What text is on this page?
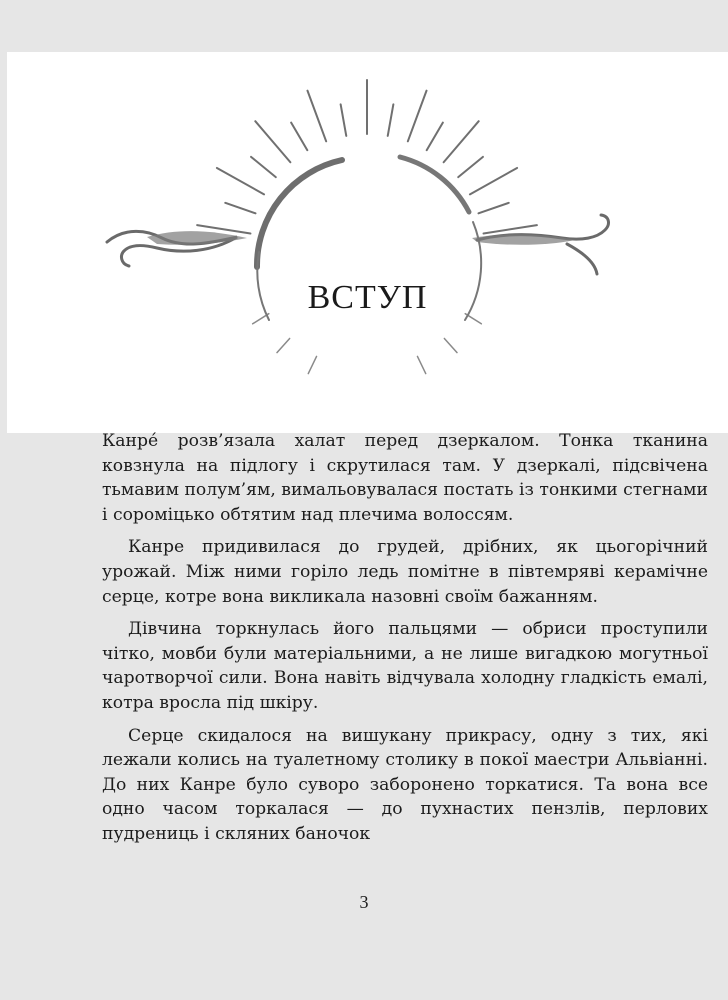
ВСТУП

Канре́ розв’язала халат перед дзеркалом. Тонка тканина ковзнула на підлогу і скрутилася там. У дзеркалі, підсвічена тьмавим полум’ям, вимальовувалася постать із тонкими стегнами і сороміцько обтятим над плечима волоссям.

Канре придивилася до грудей, дрібних, як цьогорічний урожай. Між ними горіло ледь помітне в півтемряві керамічне серце, котре вона викликала назовні своїм бажанням.

Дівчина торкнулась його пальцями — обриси проступили чітко, мовби були матеріальними, а не лише вигадкою могутньої чаротворчої сили. Вона навіть відчувала холодну гладкість емалі, котра вросла під шкіру.

Серце скидалося на вишукану прикрасу, одну з тих, які лежали колись на туалетному столику в покої маестри Альвіанні. До них Канре було суворо заборонено торкатися. Та вона все одно часом торкалася — до пухнастих пензлів, перлових пудрениць і скляних баночок

3
